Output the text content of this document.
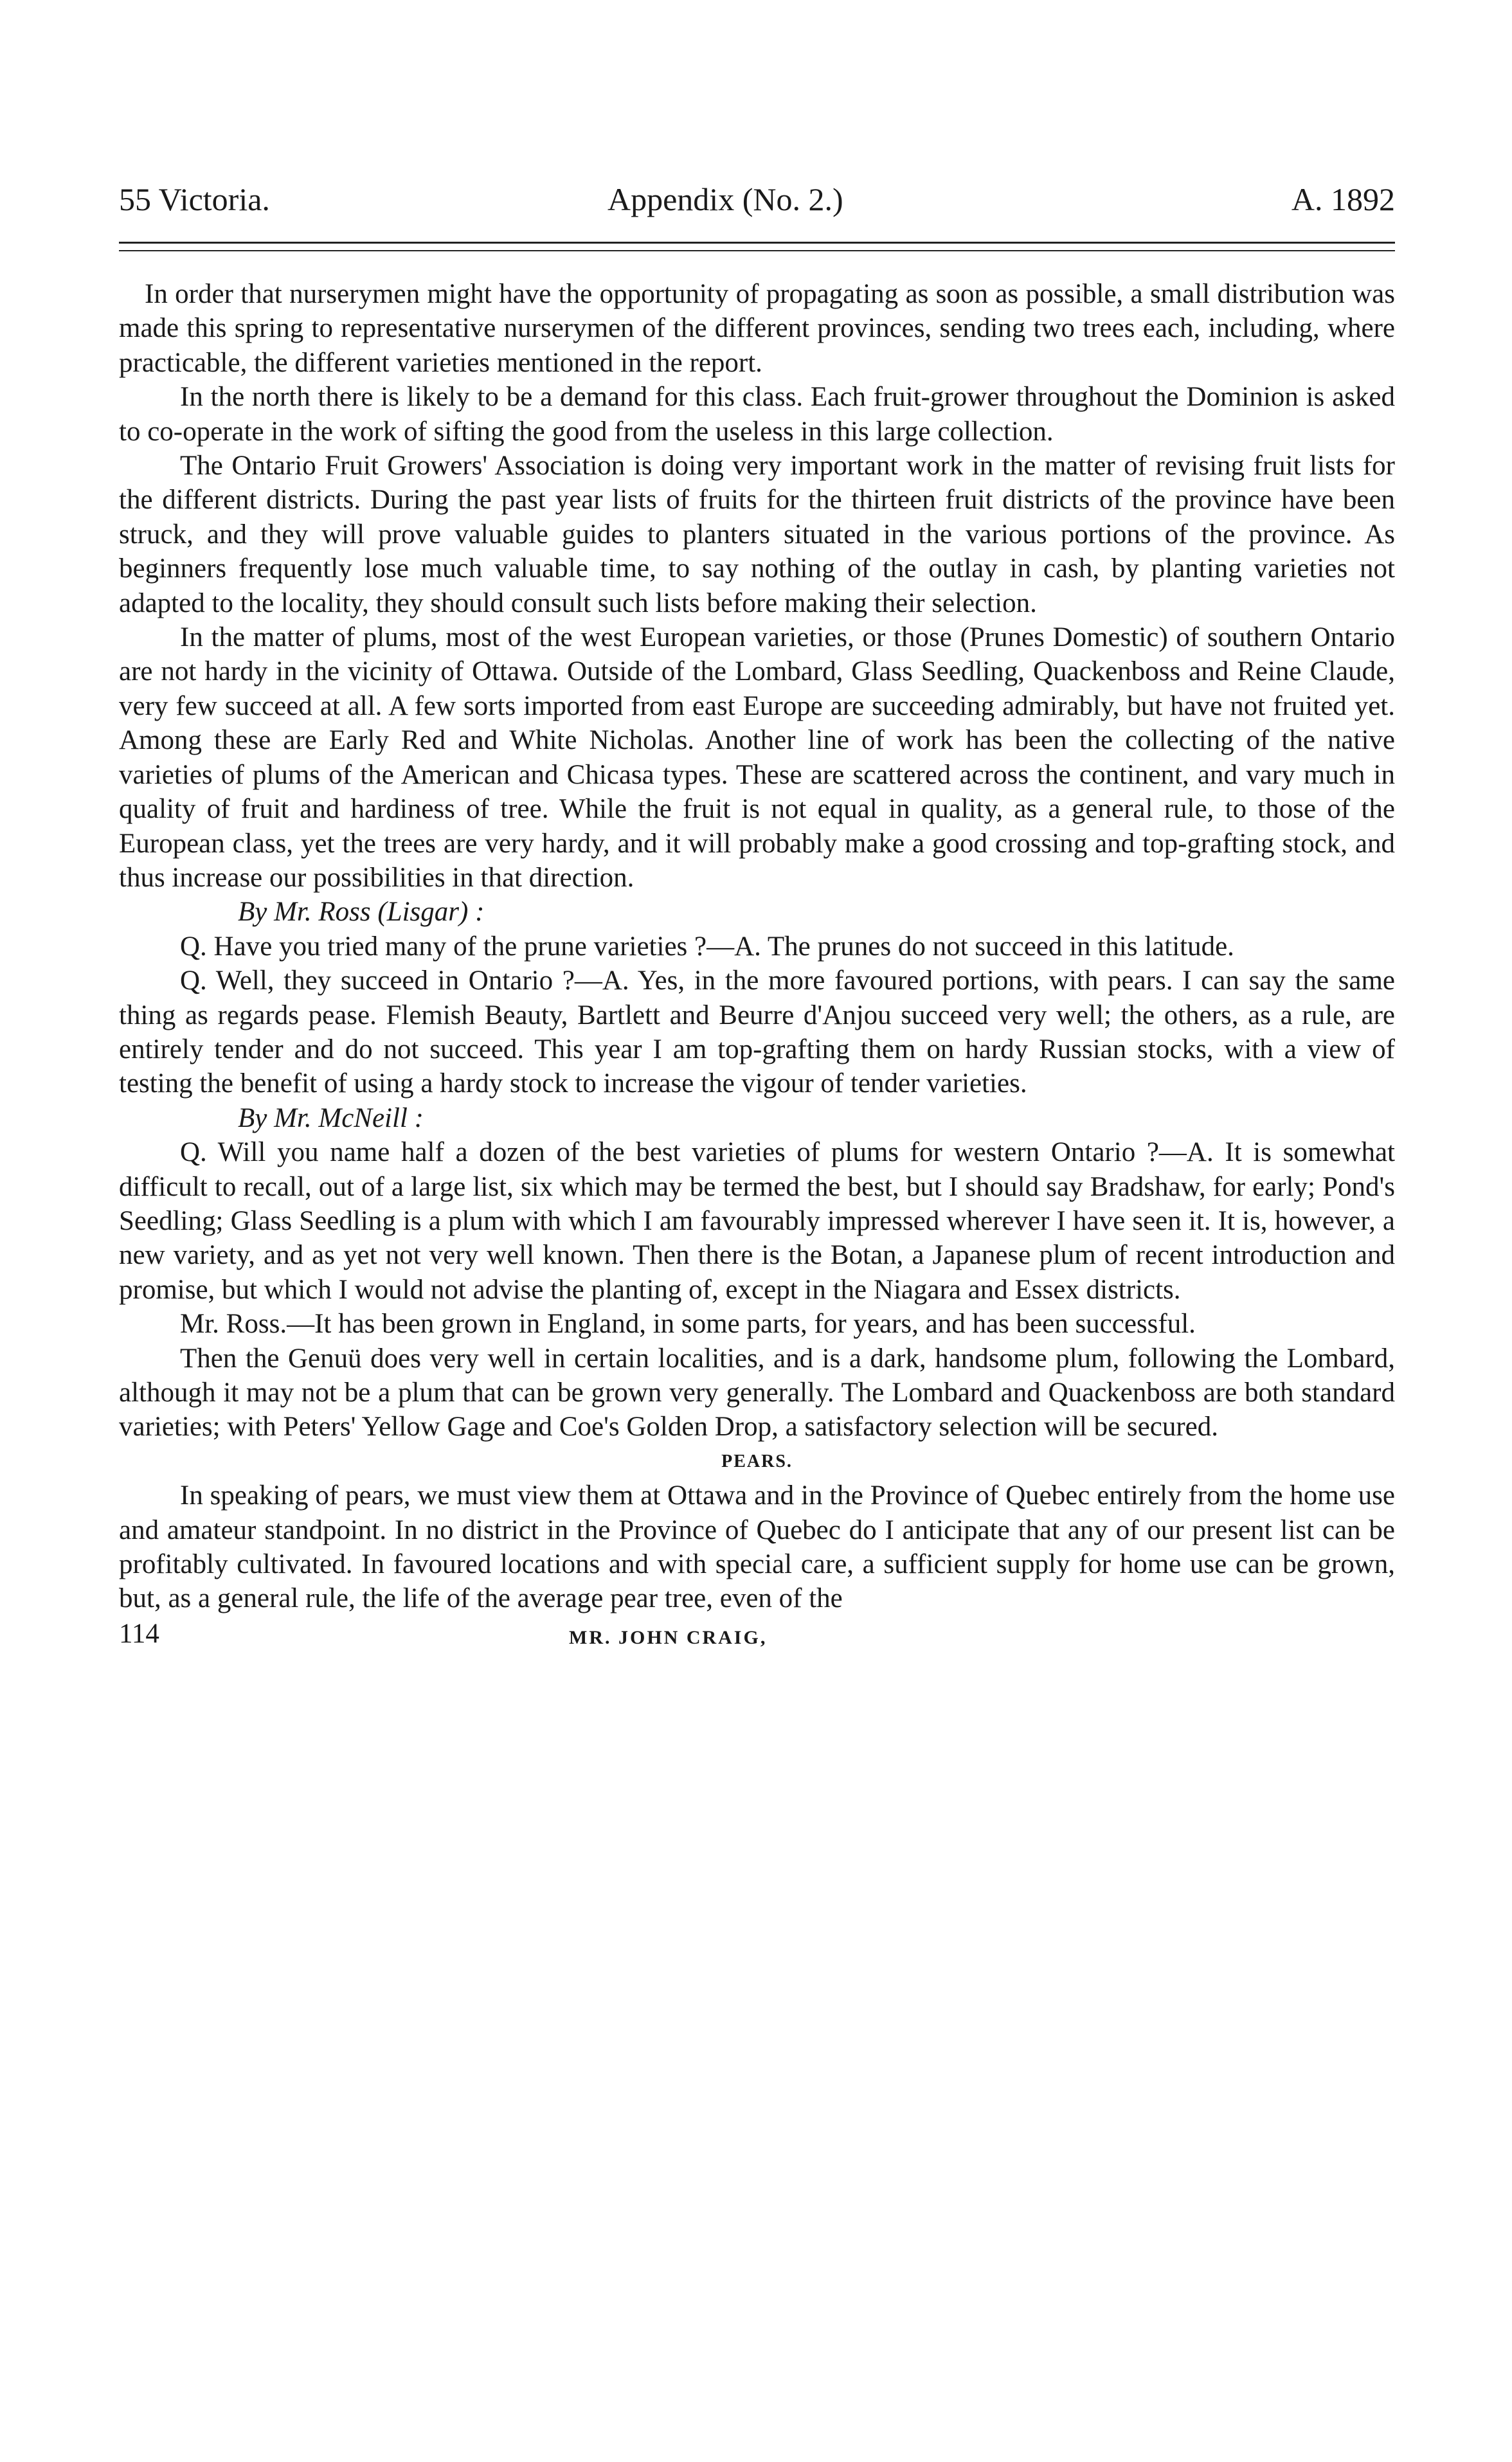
55 Victoria.	Appendix (No. 2.)	A. 1892

In order that nurserymen might have the opportunity of propagating as soon as possible, a small distribution was made this spring to representative nurserymen of the different provinces, sending two trees each, including, where practicable, the different varieties mentioned in the report.

In the north there is likely to be a demand for this class. Each fruit-grower throughout the Dominion is asked to co-operate in the work of sifting the good from the useless in this large collection.

The Ontario Fruit Growers' Association is doing very important work in the matter of revising fruit lists for the different districts. During the past year lists of fruits for the thirteen fruit districts of the province have been struck, and they will prove valuable guides to planters situated in the various portions of the province. As beginners frequently lose much valuable time, to say nothing of the outlay in cash, by planting varieties not adapted to the locality, they should consult such lists before making their selection.

In the matter of plums, most of the west European varieties, or those (Prunes Domestic) of southern Ontario are not hardy in the vicinity of Ottawa. Outside of the Lombard, Glass Seedling, Quackenboss and Reine Claude, very few succeed at all. A few sorts imported from east Europe are succeeding admirably, but have not fruited yet. Among these are Early Red and White Nicholas. Another line of work has been the collecting of the native varieties of plums of the American and Chicasa types. These are scattered across the continent, and vary much in quality of fruit and hardiness of tree. While the fruit is not equal in quality, as a general rule, to those of the European class, yet the trees are very hardy, and it will probably make a good crossing and top-grafting stock, and thus increase our possibilities in that direction.

By Mr. Ross (Lisgar) :

Q. Have you tried many of the prune varieties ?—A. The prunes do not succeed in this latitude.

Q. Well, they succeed in Ontario ?—A. Yes, in the more favoured portions, with pears. I can say the same thing as regards pease. Flemish Beauty, Bartlett and Beurre d'Anjou succeed very well; the others, as a rule, are entirely tender and do not succeed. This year I am top-grafting them on hardy Russian stocks, with a view of testing the benefit of using a hardy stock to increase the vigour of tender varieties.

By Mr. McNeill :

Q. Will you name half a dozen of the best varieties of plums for western Ontario ?—A. It is somewhat difficult to recall, out of a large list, six which may be termed the best, but I should say Bradshaw, for early; Pond's Seedling; Glass Seedling is a plum with which I am favourably impressed wherever I have seen it. It is, however, a new variety, and as yet not very well known. Then there is the Botan, a Japanese plum of recent introduction and promise, but which I would not advise the planting of, except in the Niagara and Essex districts.

Mr. Ross.—It has been grown in England, in some parts, for years, and has been successful.

Then the Genuü does very well in certain localities, and is a dark, handsome plum, following the Lombard, although it may not be a plum that can be grown very generally. The Lombard and Quackenboss are both standard varieties; with Peters' Yellow Gage and Coe's Golden Drop, a satisfactory selection will be secured.

PEARS.

In speaking of pears, we must view them at Ottawa and in the Province of Quebec entirely from the home use and amateur standpoint. In no district in the Province of Quebec do I anticipate that any of our present list can be profitably cultivated. In favoured locations and with special care, a sufficient supply for home use can be grown, but, as a general rule, the life of the average pear tree, even of the

114	MR. JOHN CRAIG,
